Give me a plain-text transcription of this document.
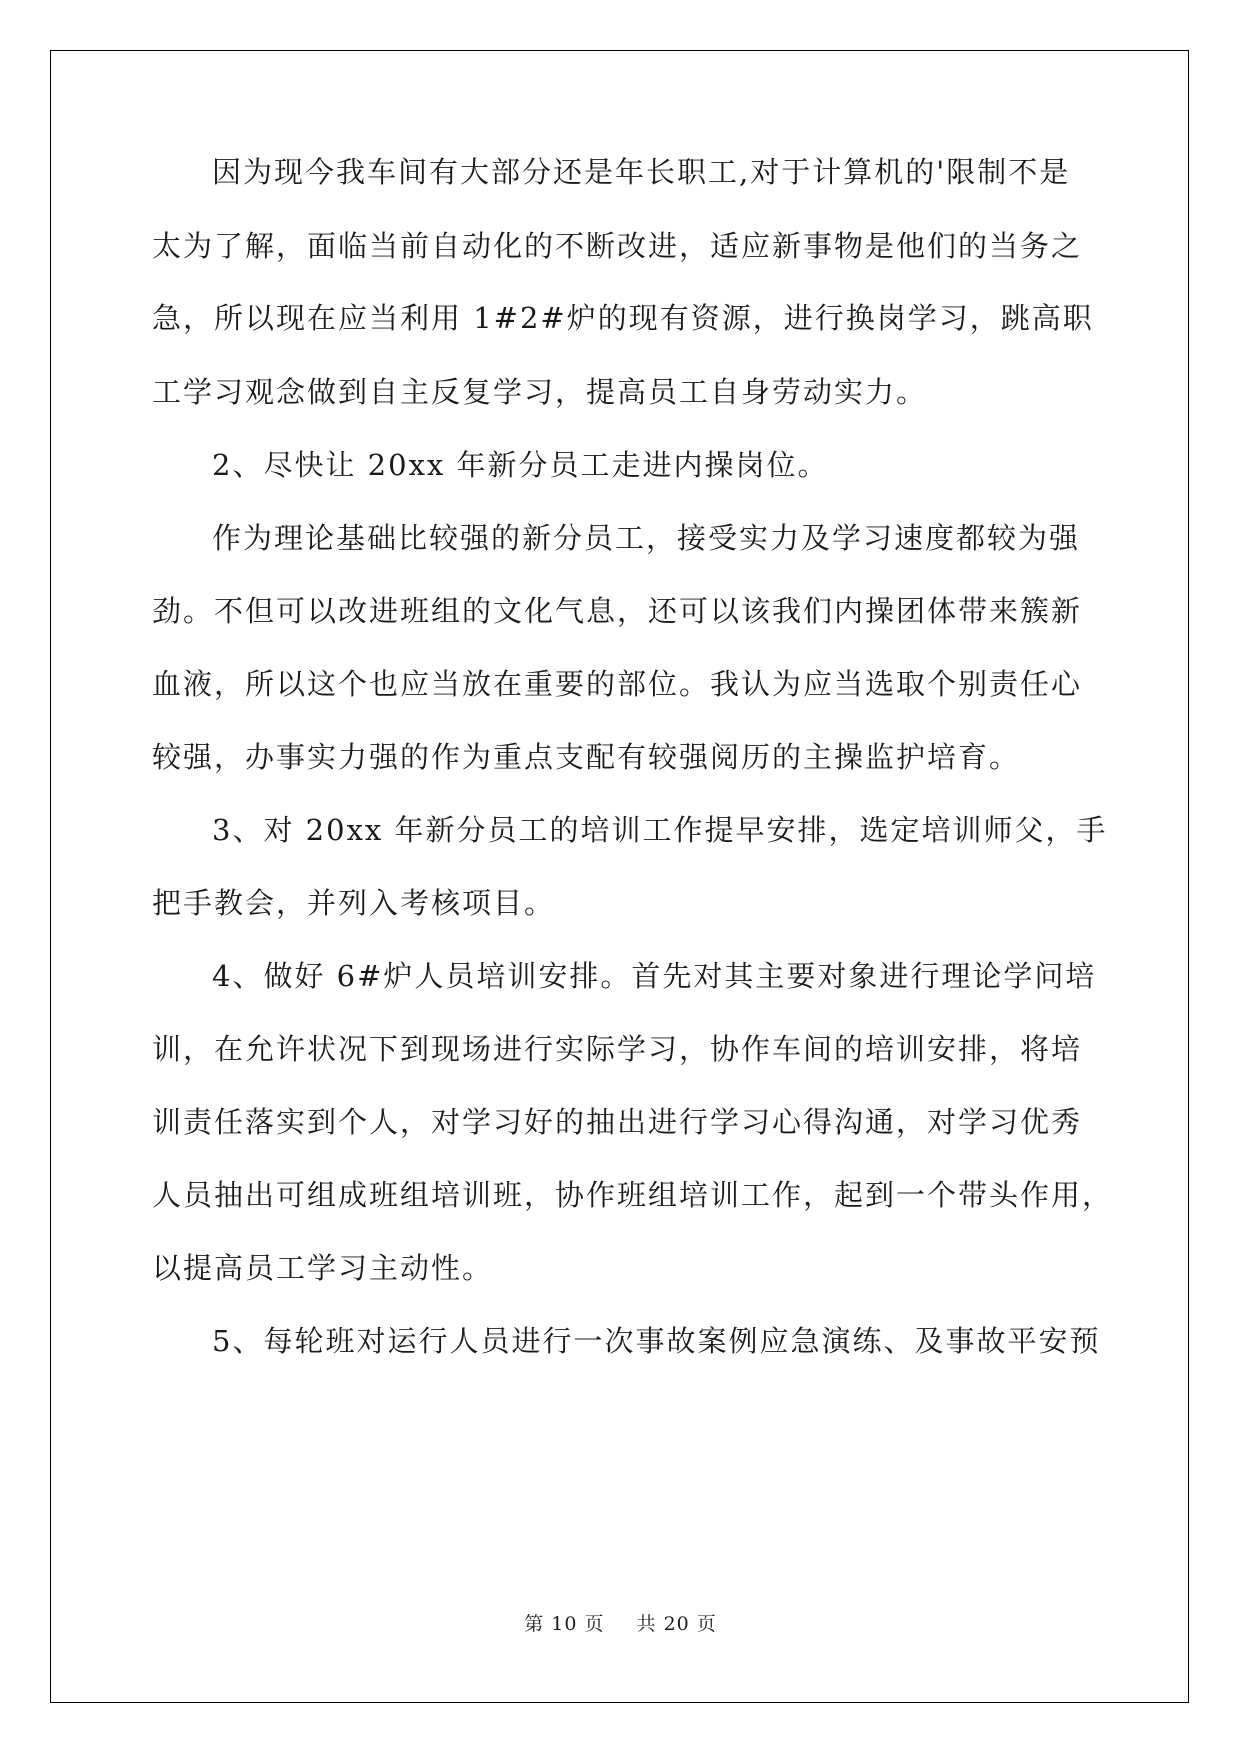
因为现今我车间有大部分还是年长职工,对于计算机的'限制不是
太为了解，面临当前自动化的不断改进，适应新事物是他们的当务之
急，所以现在应当利用 1#2#炉的现有资源，进行换岗学习，跳高职
工学习观念做到自主反复学习，提高员工自身劳动实力。
2、尽快让 20xx 年新分员工走进内操岗位。
作为理论基础比较强的新分员工，接受实力及学习速度都较为强
劲。不但可以改进班组的文化气息，还可以该我们内操团体带来簇新
血液，所以这个也应当放在重要的部位。我认为应当选取个别责任心
较强，办事实力强的作为重点支配有较强阅历的主操监护培育。
3、对 20xx 年新分员工的培训工作提早安排，选定培训师父，手
把手教会，并列入考核项目。
4、做好 6#炉人员培训安排。首先对其主要对象进行理论学问培
训，在允许状况下到现场进行实际学习，协作车间的培训安排，将培
训责任落实到个人，对学习好的抽出进行学习心得沟通，对学习优秀
人员抽出可组成班组培训班，协作班组培训工作，起到一个带头作用，
以提高员工学习主动性。
5、每轮班对运行人员进行一次事故案例应急演练、及事故平安预
第 10 页 共 20 页
